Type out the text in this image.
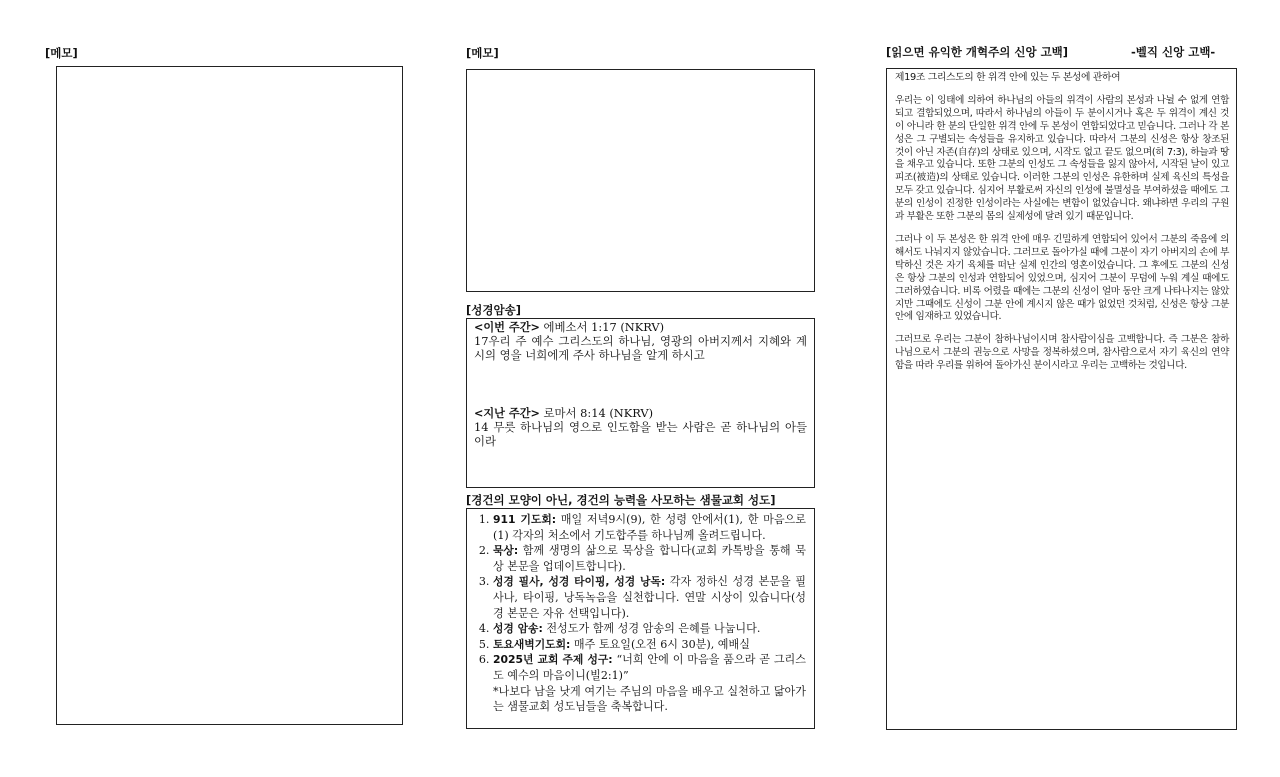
[메모]	[메모]
[성경암송]
<이번 주간> 에베소서 1:17 (NKRV)
17우리 주 예수 그리스도의 하나님, 영광의 아버지께서 지혜와 계시의 영을 너희에게 주사 하나님을 알게 하시고
<지난 주간> 로마서 8:14 (NKRV)
14 무릇 하나님의 영으로 인도함을 받는 사람은 곧 하나님의 아들이라
[경건의 모양이 아닌, 경건의 능력을 사모하는 샘물교회 성도]
1. 911 기도회: 매일 저녁9시(9), 한 성령 안에서(1), 한 마음으로(1) 각자의 처소에서 기도합주를 하나님께 올려드립니다.
2. 묵상: 함께 생명의 삶으로 묵상을 합니다(교회 카톡방을 통해 묵상 본문을 업데이트합니다).
3. 성경 필사, 성경 타이핑, 성경 낭독: 각자 정하신 성경 본문을 필사나, 타이핑, 낭독녹음을 실천합니다. 연말 시상이 있습니다(성경 본문은 자유 선택입니다).
4. 성경 암송: 전성도가 함께 성경 암송의 은혜를 나눕니다.
5. 토요새벽기도회: 매주 토요일(오전 6시 30분), 예배실
6. 2025년 교회 주제 성구: “너희 안에 이 마음을 품으라 곧 그리스도 예수의 마음이니(빌2:1)”
*나보다 남을 낫게 여기는 주님의 마음을 배우고 실천하고 닮아가는 샘물교회 성도님들을 축복합니다.
[읽으면 유익한 개혁주의 신앙 고백]	-벨직 신앙 고백-
제19조 그리스도의 한 위격 안에 있는 두 본성에 관하여

우리는 이 잉태에 의하여 하나님의 아들의 위격이 사람의 본성과 나뉠 수 없게 연합되고 결합되었으며, 따라서 하나님의 아들이 두 분이시거나 혹은 두 위격이 계신 것이 아니라 한 분의 단일한 위격 안에 두 본성이 연합되었다고 믿습니다. 그러나 각 본성은 그 구별되는 속성들을 유지하고 있습니다. 따라서 그분의 신성은 항상 창조된 것이 아닌 자존(自存)의 상태로 있으며, 시작도 없고 끝도 없으며(히 7:3), 하늘과 땅을 채우고 있습니다. 또한 그분의 인성도 그 속성들을 잃지 않아서, 시작된 날이 있고 피조(被造)의 상태로 있습니다. 이러한 그분의 인성은 유한하며 실제 육신의 특성을 모두 갖고 있습니다. 심지어 부활로써 자신의 인성에 불멸성을 부여하셨을 때에도 그분의 인성이 진정한 인성이라는 사실에는 변함이 없었습니다. 왜냐하면 우리의 구원과 부활은 또한 그분의 몸의 실제성에 달려 있기 때문입니다.

그러나 이 두 본성은 한 위격 안에 매우 긴밀하게 연합되어 있어서 그분의 죽음에 의해서도 나눠지지 않았습니다. 그러므로 돌아가실 때에 그분이 자기 아버지의 손에 부탁하신 것은 자기 육체를 떠난 실제 인간의 영혼이었습니다. 그 후에도 그분의 신성은 항상 그분의 인성과 연합되어 있었으며, 심지어 그분이 무덤에 누워 계실 때에도 그러하였습니다. 비록 어렸을 때에는 그분의 신성이 얼마 동안 크게 나타나지는 않았지만 그때에도 신성이 그분 안에 계시지 않은 때가 없었던 것처럼, 신성은 항상 그분 안에 임재하고 있었습니다.

그러므로 우리는 그분이 참하나님이시며 참사람이심을 고백합니다. 즉 그분은 참하나님으로서 그분의 권능으로 사망을 정복하셨으며, 참사람으로서 자기 육신의 연약함을 따라 우리를 위하여 돌아가신 분이시라고 우리는 고백하는 것입니다.
